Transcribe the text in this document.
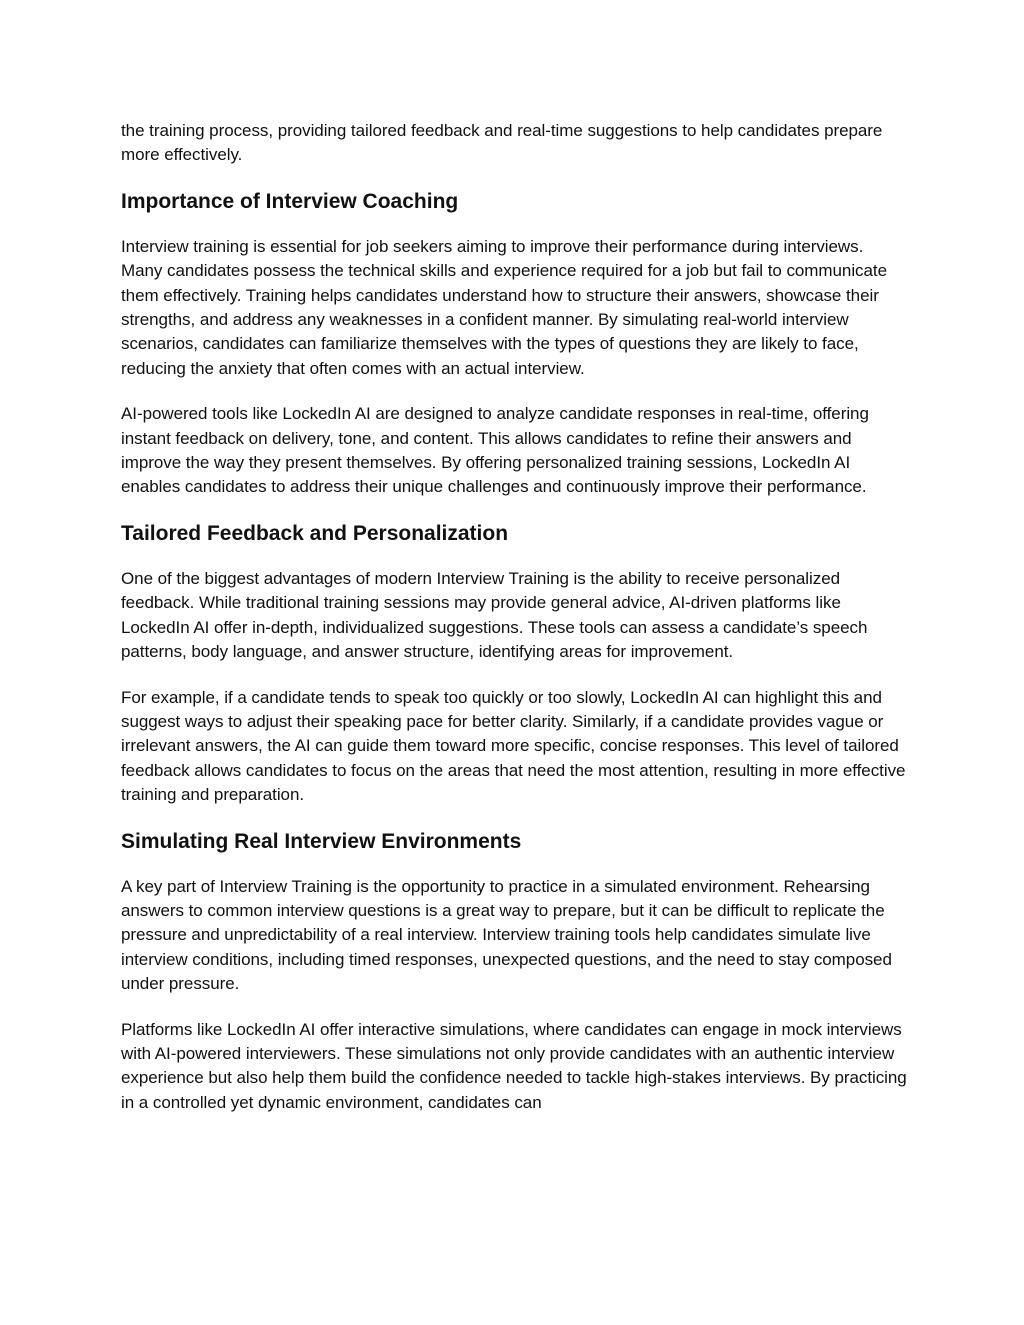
the training process, providing tailored feedback and real-time suggestions to help candidates prepare more effectively.

Importance of Interview Coaching

Interview training is essential for job seekers aiming to improve their performance during interviews. Many candidates possess the technical skills and experience required for a job but fail to communicate them effectively. Training helps candidates understand how to structure their answers, showcase their strengths, and address any weaknesses in a confident manner. By simulating real-world interview scenarios, candidates can familiarize themselves with the types of questions they are likely to face, reducing the anxiety that often comes with an actual interview.

AI-powered tools like LockedIn AI are designed to analyze candidate responses in real-time, offering instant feedback on delivery, tone, and content. This allows candidates to refine their answers and improve the way they present themselves. By offering personalized training sessions, LockedIn AI enables candidates to address their unique challenges and continuously improve their performance.

Tailored Feedback and Personalization

One of the biggest advantages of modern Interview Training is the ability to receive personalized feedback. While traditional training sessions may provide general advice, AI-driven platforms like LockedIn AI offer in-depth, individualized suggestions. These tools can assess a candidate’s speech patterns, body language, and answer structure, identifying areas for improvement.

For example, if a candidate tends to speak too quickly or too slowly, LockedIn AI can highlight this and suggest ways to adjust their speaking pace for better clarity. Similarly, if a candidate provides vague or irrelevant answers, the AI can guide them toward more specific, concise responses. This level of tailored feedback allows candidates to focus on the areas that need the most attention, resulting in more effective training and preparation.

Simulating Real Interview Environments

A key part of Interview Training is the opportunity to practice in a simulated environment. Rehearsing answers to common interview questions is a great way to prepare, but it can be difficult to replicate the pressure and unpredictability of a real interview. Interview training tools help candidates simulate live interview conditions, including timed responses, unexpected questions, and the need to stay composed under pressure.

Platforms like LockedIn AI offer interactive simulations, where candidates can engage in mock interviews with AI-powered interviewers. These simulations not only provide candidates with an authentic interview experience but also help them build the confidence needed to tackle high-stakes interviews. By practicing in a controlled yet dynamic environment, candidates can
